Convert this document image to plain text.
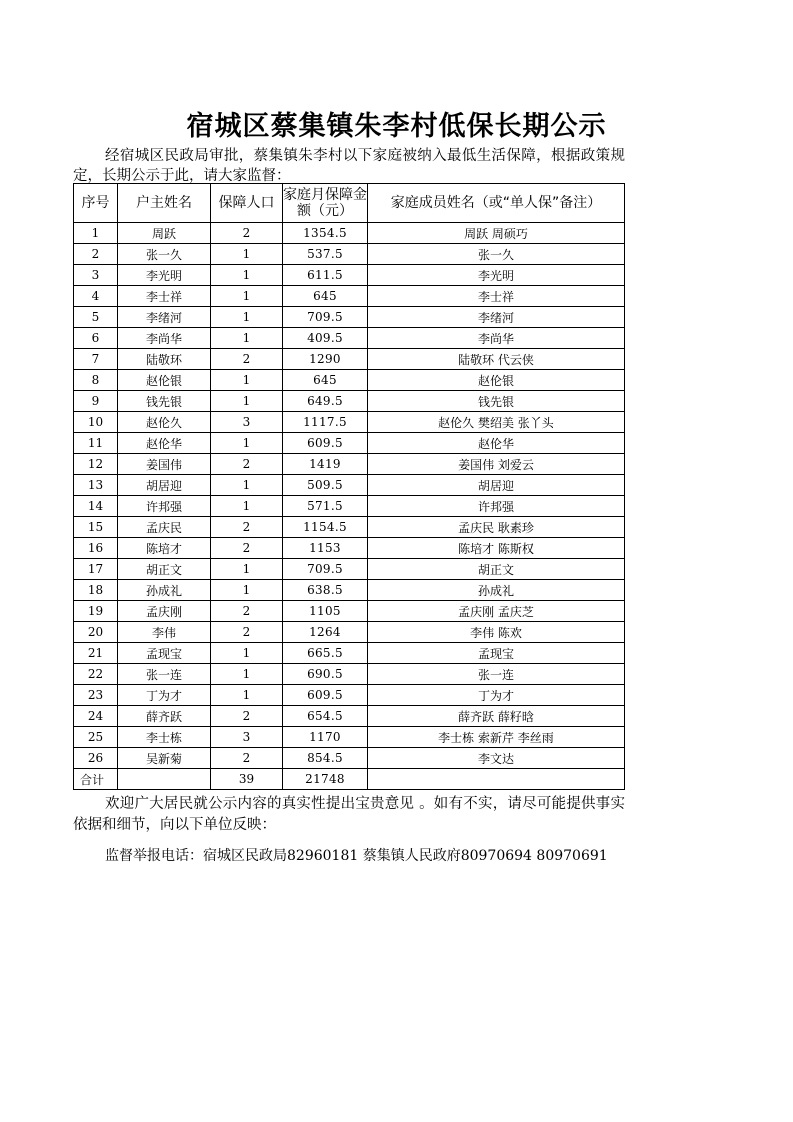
宿城区蔡集镇朱李村低保长期公示
经宿城区民政局审批，蔡集镇朱李村以下家庭被纳入最低生活保障，根据政策规定，长期公示于此，请大家监督：
序号	户主姓名	保障人口	家庭月保障金额（元）	家庭成员姓名（或“单人保”备注）
1	周跃	2	1354.5	周跃 周硕巧
2	张一久	1	537.5	张一久
3	李光明	1	611.5	李光明
4	李士祥	1	645	李士祥
5	李绪河	1	709.5	李绪河
6	李尚华	1	409.5	李尚华
7	陆敬环	2	1290	陆敬环 代云侠
8	赵伦银	1	645	赵伦银
9	钱先银	1	649.5	钱先银
10	赵伦久	3	1117.5	赵伦久 樊绍美 张丫头
11	赵伦华	1	609.5	赵伦华
12	姜国伟	2	1419	姜国伟 刘爱云
13	胡居迎	1	509.5	胡居迎
14	许邦强	1	571.5	许邦强
15	孟庆民	2	1154.5	孟庆民 耿素珍
16	陈培才	2	1153	陈培才 陈斯权
17	胡正文	1	709.5	胡正文
18	孙成礼	1	638.5	孙成礼
19	孟庆刚	2	1105	孟庆刚 孟庆芝
20	李伟	2	1264	李伟 陈欢
21	孟现宝	1	665.5	孟现宝
22	张一连	1	690.5	张一连
23	丁为才	1	609.5	丁为才
24	薛齐跃	2	654.5	薛齐跃 薛籽晗
25	李士栋	3	1170	李士栋 索新芹 李丝雨
26	吴新菊	2	854.5	李文达
合计		39	21748	
欢迎广大居民就公示内容的真实性提出宝贵意见 。如有不实，请尽可能提供事实依据和细节，向以下单位反映：
监督举报电话：宿城区民政局82960181 蔡集镇人民政府80970694 80970691
